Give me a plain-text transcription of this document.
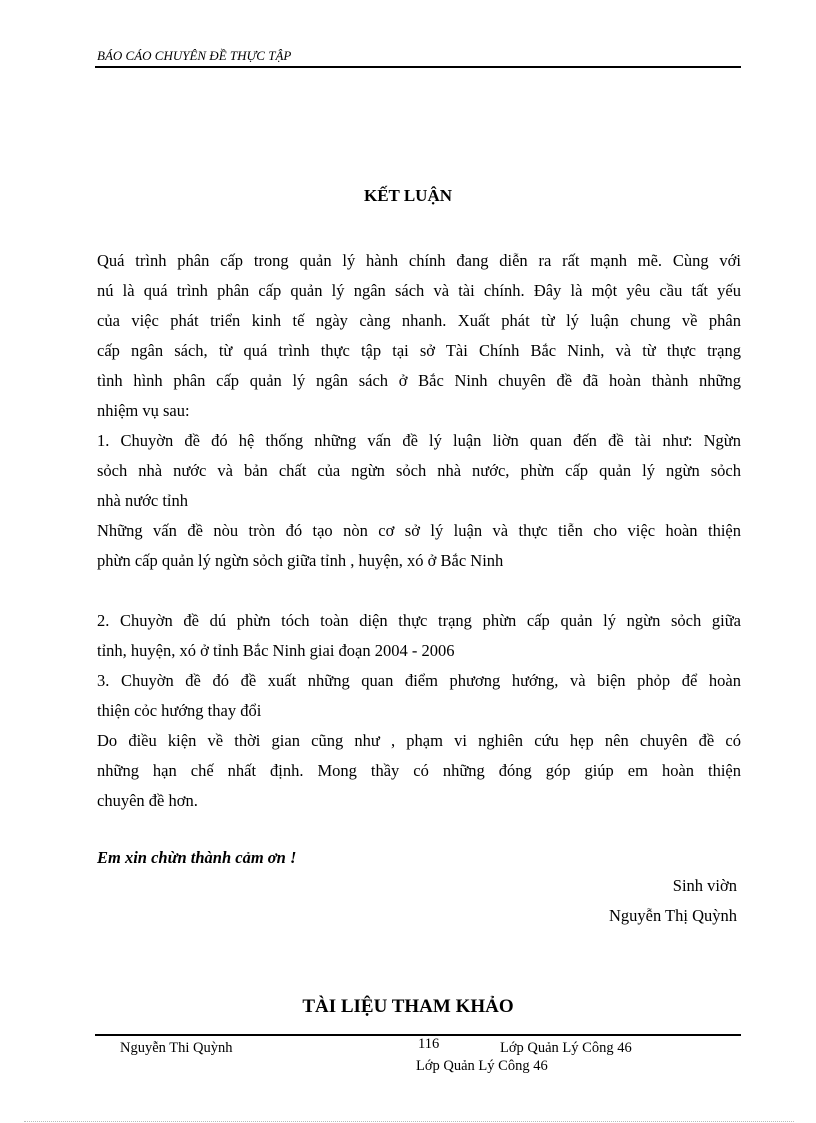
BÁO CÁO CHUYÊN ĐỀ THỰC TẬP
KẾT LUẬN

Quá trình phân cấp trong quản lý hành chính đang diễn ra rất mạnh mẽ. Cùng với

nú là quá trình phân cấp quản lý ngân sách và tài chính. Đây là một yêu cầu tất yếu

của việc phát triển kinh tế ngày càng nhanh. Xuất phát từ lý luận chung về phân

cấp ngân sách, từ quá trình thực tập tại sở Tài Chính Bắc Ninh, và từ thực trạng

tình hình phân cấp quản lý ngân sách ở Bắc Ninh chuyên đề đã hoàn thành những

nhiệm vụ sau:

1. Chuyờn đề đó hệ thống những vấn đề lý luận liờn quan đến đề tài như: Ngừn

sỏch nhà nước và bản chất của ngừn sỏch nhà nước, phừn cấp quản lý ngừn sỏch

nhà nước tỉnh

Những vấn đề nòu tròn đó tạo nòn cơ sở lý luận và thực tiễn cho việc hoàn thiện

phừn cấp quản lý ngừn sỏch giữa tỉnh , huyện, xó ở Bắc Ninh

2. Chuyờn đề dú phừn tóch toàn diện thực trạng phừn cấp quản lý ngừn sỏch giữa

tỉnh, huyện, xó ở tỉnh Bắc Ninh giai đoạn 2004 - 2006

3. Chuyờn đề đó đề xuất những quan điểm phương hướng, và biện phỏp để hoàn

thiện cỏc hướng thay đổi

Do điều kiện về thời gian cũng như , phạm vi nghiên cứu hẹp nên chuyên đề có

những hạn chế nhất định. Mong thầy có những đóng góp giúp em hoàn thiện

chuyên đề hơn.

Em xin chừn thành cảm ơn !
Sinh viờn
Nguyễn Thị Quỳnh
TÀI LIỆU THAM KHẢO
Nguyễn Thi Quỳnh	116	Lớp Quản Lý Công 46
Lớp Quản Lý Công 46
